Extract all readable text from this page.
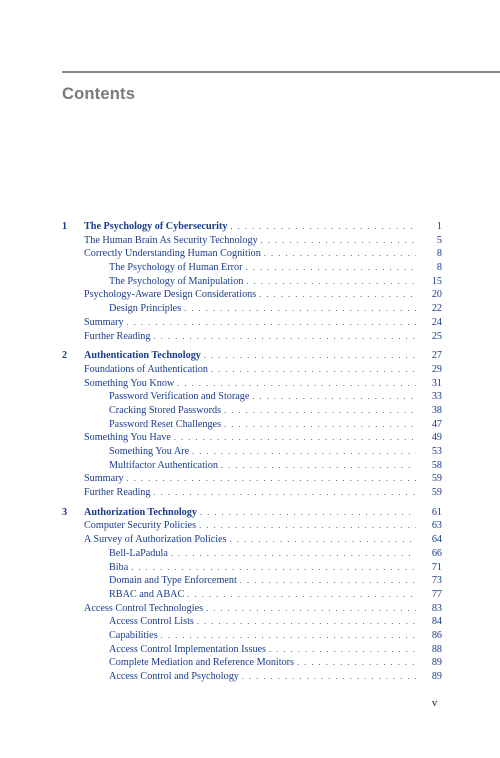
Contents
1	The Psychology of Cybersecurity . . .	1
The Human Brain As Security Technology . . .	5
Correctly Understanding Human Cognition . . .	8
The Psychology of Human Error . . .	8
The Psychology of Manipulation . . .	15
Psychology-Aware Design Considerations . . .	20
Design Principles . . .	22
Summary . . .	24
Further Reading . . .	25
2	Authentication Technology . . .	27
Foundations of Authentication . . .	29
Something You Know . . .	31
Password Verification and Storage . . .	33
Cracking Stored Passwords . . .	38
Password Reset Challenges . . .	47
Something You Have . . .	49
Something You Are . . .	53
Multifactor Authentication . . .	58
Summary . . .	59
Further Reading . . .	59
3	Authorization Technology . . .	61
Computer Security Policies . . .	63
A Survey of Authorization Policies . . .	64
Bell-LaPadula . . .	66
Biba . . .	71
Domain and Type Enforcement . . .	73
RBAC and ABAC . . .	77
Access Control Technologies . . .	83
Access Control Lists . . .	84
Capabilities . . .	86
Access Control Implementation Issues . . .	88
Complete Mediation and Reference Monitors . . .	89
Access Control and Psychology . . .	89
v
